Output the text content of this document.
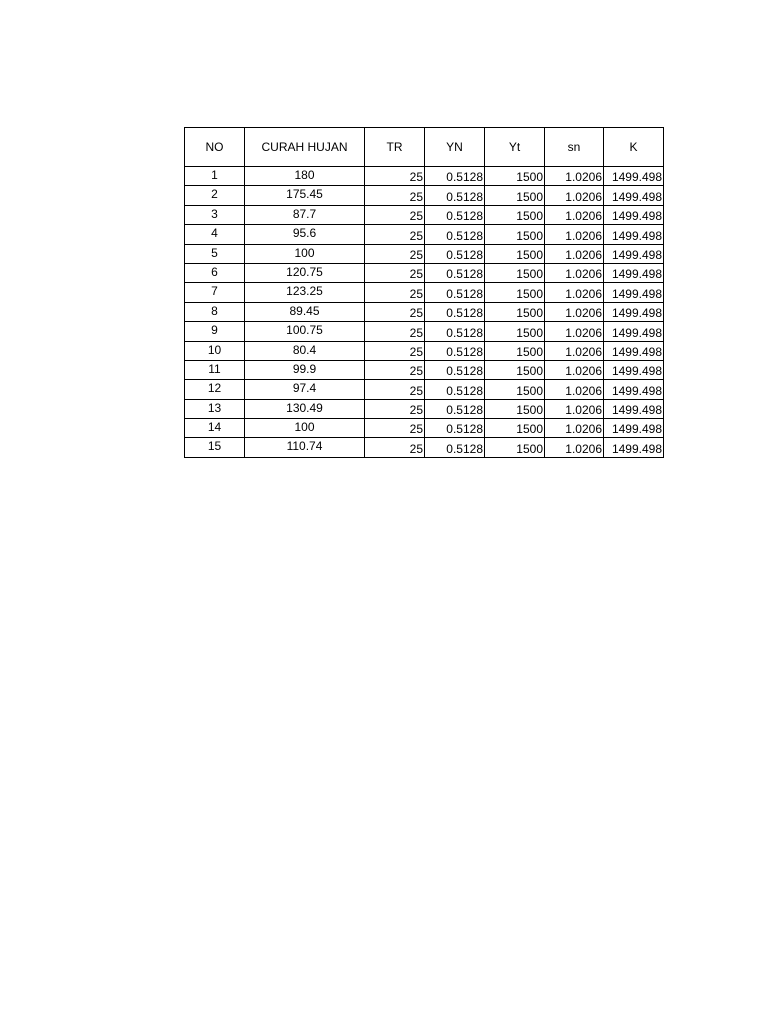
NO	CURAH HUJAN	TR	YN	Yt	sn	K
1	180	25	0.5128	1500	1.0206	1499.498
2	175.45	25	0.5128	1500	1.0206	1499.498
3	87.7	25	0.5128	1500	1.0206	1499.498
4	95.6	25	0.5128	1500	1.0206	1499.498
5	100	25	0.5128	1500	1.0206	1499.498
6	120.75	25	0.5128	1500	1.0206	1499.498
7	123.25	25	0.5128	1500	1.0206	1499.498
8	89.45	25	0.5128	1500	1.0206	1499.498
9	100.75	25	0.5128	1500	1.0206	1499.498
10	80.4	25	0.5128	1500	1.0206	1499.498
11	99.9	25	0.5128	1500	1.0206	1499.498
12	97.4	25	0.5128	1500	1.0206	1499.498
13	130.49	25	0.5128	1500	1.0206	1499.498
14	100	25	0.5128	1500	1.0206	1499.498
15	110.74	25	0.5128	1500	1.0206	1499.498
